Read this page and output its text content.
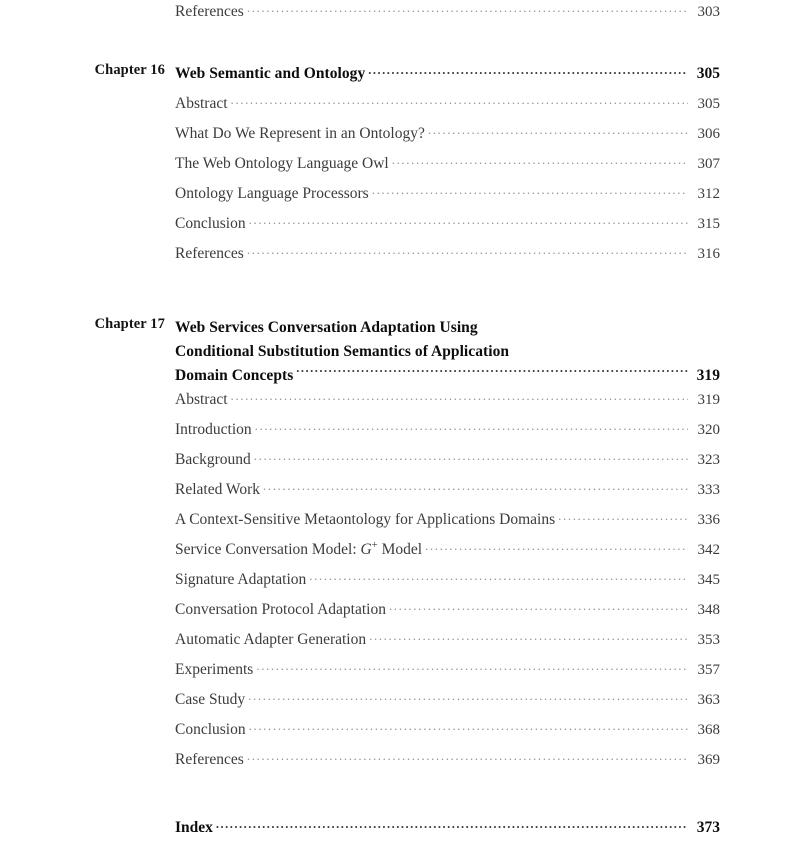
References .....	303
Chapter 16 Web Semantic and Ontology .....	305
Abstract .....	305
What Do We Represent in an Ontology? .....	306
The Web Ontology Language Owl .....	307
Ontology Language Processors .....	312
Conclusion .....	315
References .....	316
Chapter 17 Web Services Conversation Adaptation Using
Conditional Substitution Semantics of Application
Domain Concepts .....	319
Abstract .....	319
Introduction .....	320
Background .....	323
Related Work .....	333
A Context-Sensitive Metaontology for Applications Domains .....	336
Service Conversation Model: G+ Model .....	342
Signature Adaptation .....	345
Conversation Protocol Adaptation .....	348
Automatic Adapter Generation .....	353
Experiments .....	357
Case Study .....	363
Conclusion .....	368
References .....	369
Index .....	373
